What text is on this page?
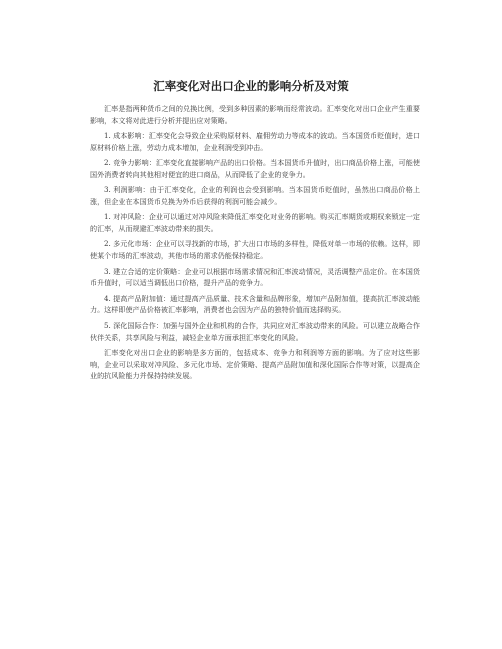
汇率变化对出口企业的影响分析及对策

汇率是指两种货币之间的兑换比例，受到多种因素的影响而经常波动。汇率变化对出口企业产生重要影响，本文将对此进行分析并提出应对策略。

1. 成本影响：汇率变化会导致企业采购原材料、雇佣劳动力等成本的波动。当本国货币贬值时，进口原材料价格上涨，劳动力成本增加，企业利润受到冲击。

2. 竞争力影响：汇率变化直接影响产品的出口价格。当本国货币升值时，出口商品价格上涨，可能使国外消费者转向其他相对便宜的进口商品，从而降低了企业的竞争力。

3. 利润影响：由于汇率变化，企业的利润也会受到影响。当本国货币贬值时，虽然出口商品价格上涨，但企业在本国货币兑换为外币后获得的利润可能会减少。

1. 对冲风险：企业可以通过对冲风险来降低汇率变化对业务的影响。购买汇率期货或期权来锁定一定的汇率，从而规避汇率波动带来的损失。

2. 多元化市场：企业可以寻找新的市场，扩大出口市场的多样性，降低对单一市场的依赖。这样，即使某个市场的汇率波动，其他市场的需求仍能保持稳定。

3. 建立合适的定价策略：企业可以根据市场需求情况和汇率波动情况，灵活调整产品定价。在本国货币升值时，可以适当调低出口价格，提升产品的竞争力。

4. 提高产品附加值：通过提高产品质量、技术含量和品牌形象，增加产品附加值，提高抗汇率波动能力。这样即使产品价格被汇率影响，消费者也会因为产品的独特价值而选择购买。

5. 深化国际合作：加强与国外企业和机构的合作，共同应对汇率波动带来的风险。可以建立战略合作伙伴关系，共享风险与利益，减轻企业单方面承担汇率变化的风险。

汇率变化对出口企业的影响是多方面的，包括成本、竞争力和利润等方面的影响。为了应对这些影响，企业可以采取对冲风险、多元化市场、定价策略、提高产品附加值和深化国际合作等对策，以提高企业的抗风险能力并保持持续发展。
